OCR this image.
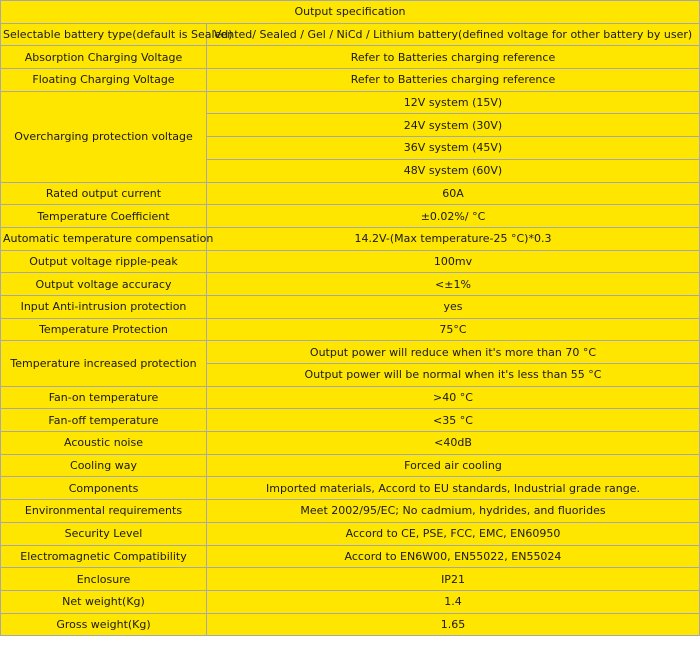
Output specification	
Selectable battery type(default is Sealed)	Vented/ Sealed / Gel / NiCd / Lithium battery(defined voltage for other battery by user)
Absorption Charging Voltage	Refer to Batteries charging reference
Floating Charging Voltage	Refer to Batteries charging reference
Overcharging protection voltage	12V system (15V)
	24V system (30V)
	36V system (45V)
	48V system (60V)
Rated output current	60A
Temperature Coefficient	±0.02%/ °C
Automatic temperature compensation	14.2V-(Max temperature-25 °C)*0.3
Output voltage ripple-peak	100mv
Output voltage accuracy	<±1%
Input Anti-intrusion protection	yes
Temperature Protection	75°C
Temperature increased protection	Output power will reduce when it's more than 70 °C
	Output power will be normal when it's less than 55 °C
Fan-on temperature	>40 °C
Fan-off temperature	<35 °C
Acoustic noise	<40dB
Cooling way	Forced air cooling
Components	Imported materials, Accord to EU standards, Industrial grade range.
Environmental requirements	Meet 2002/95/EC; No cadmium, hydrides, and fluorides
Security Level	Accord to CE, PSE, FCC, EMC, EN60950
Electromagnetic Compatibility	Accord to EN6W00, EN55022, EN55024
Enclosure	IP21
Net weight(Kg)	1.4
Gross weight(Kg)	1.65
